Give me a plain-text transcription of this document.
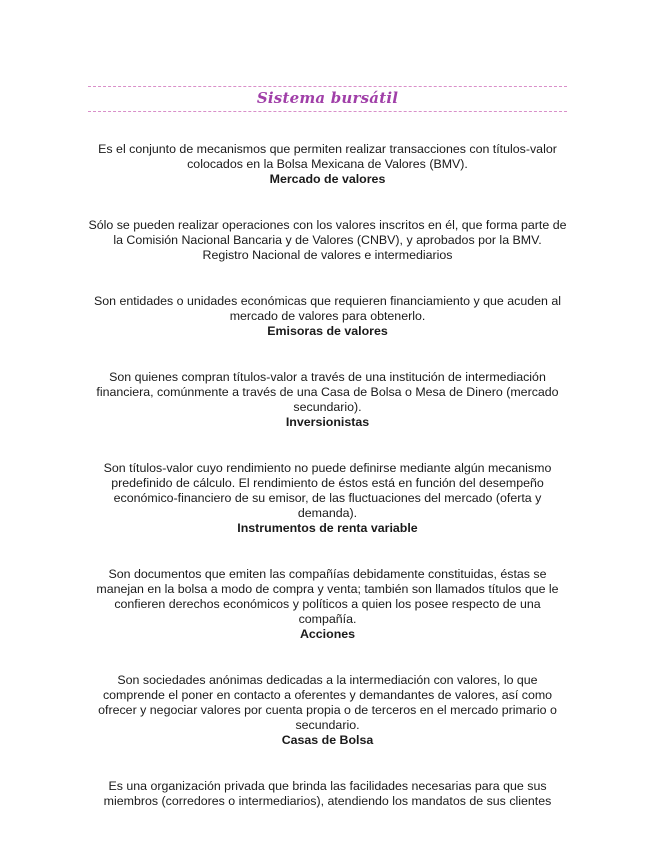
Sistema bursátil
Es el conjunto de mecanismos que permiten realizar transacciones con títulos-valor colocados en la Bolsa Mexicana de Valores (BMV).
Mercado de valores
Sólo se pueden realizar operaciones con los valores inscritos en él, que forma parte de la Comisión Nacional Bancaria y de Valores (CNBV), y aprobados por la BMV.
Registro Nacional de valores e intermediarios
Son entidades o unidades económicas que requieren financiamiento y que acuden al mercado de valores para obtenerlo.
Emisoras de valores
Son quienes compran títulos-valor a través de una institución de intermediación financiera, comúnmente a través de una Casa de Bolsa o Mesa de Dinero (mercado secundario).
Inversionistas
Son títulos-valor cuyo rendimiento no puede definirse mediante algún mecanismo predefinido de cálculo. El rendimiento de éstos está en función del desempeño económico-financiero de su emisor, de las fluctuaciones del mercado (oferta y demanda).
Instrumentos de renta variable
Son documentos que emiten las compañías debidamente constituidas, éstas se manejan en la bolsa a modo de compra y venta; también son llamados títulos que le confieren derechos económicos y políticos a quien los posee respecto de una compañía.
Acciones
Son sociedades anónimas dedicadas a la intermediación con valores, lo que comprende el poner en contacto a oferentes y demandantes de valores, así como ofrecer y negociar valores por cuenta propia o de terceros en el mercado primario o secundario.
Casas de Bolsa
Es una organización privada que brinda las facilidades necesarias para que sus miembros (corredores o intermediarios), atendiendo los mandatos de sus clientes
